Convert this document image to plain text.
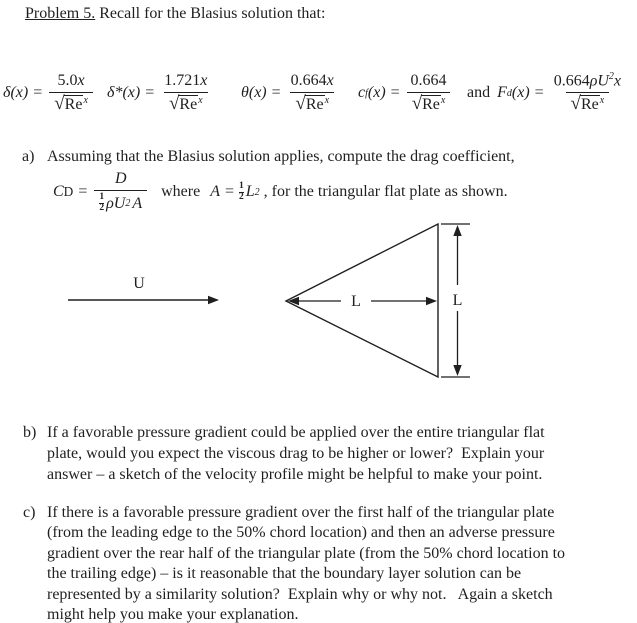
Problem 5. Recall for the Blasius solution that:
$\delta(x) = \frac{5.0x}{√ Re^x} \delta*(x) = \frac{1.721x}{√ Re^x} \theta(x) = \frac{0.664x}{√ Re^x}$ c f $(x) = \frac{0.664}{√ Re^x}$ and F d $(x) = \frac{0.664\rho U^2x}{√ Re^x}$
a) Assuming that the Blasius solution applies, compute the drag coefficient,
C D = D
1
2 ρU 2 A where $A = \frac{1}{2}$ L 2 , for the triangular flat plate as shown.
U
L	L
b) If a favorable pressure gradient could be applied over the entire triangular flat
plate, would you expect the viscous drag to be higher or lower?  Explain your
answer – a sketch of the velocity profile might be helpful to make your point.
c) If there is a favorable pressure gradient over the first half of the triangular plate
(from the leading edge to the 50% chord location) and then an adverse pressure
gradient over the rear half of the triangular plate (from the 50% chord location to
the trailing edge) – is it reasonable that the boundary layer solution can be
represented by a similarity solution?  Explain why or why not.   Again a sketch
might help you make your explanation.
